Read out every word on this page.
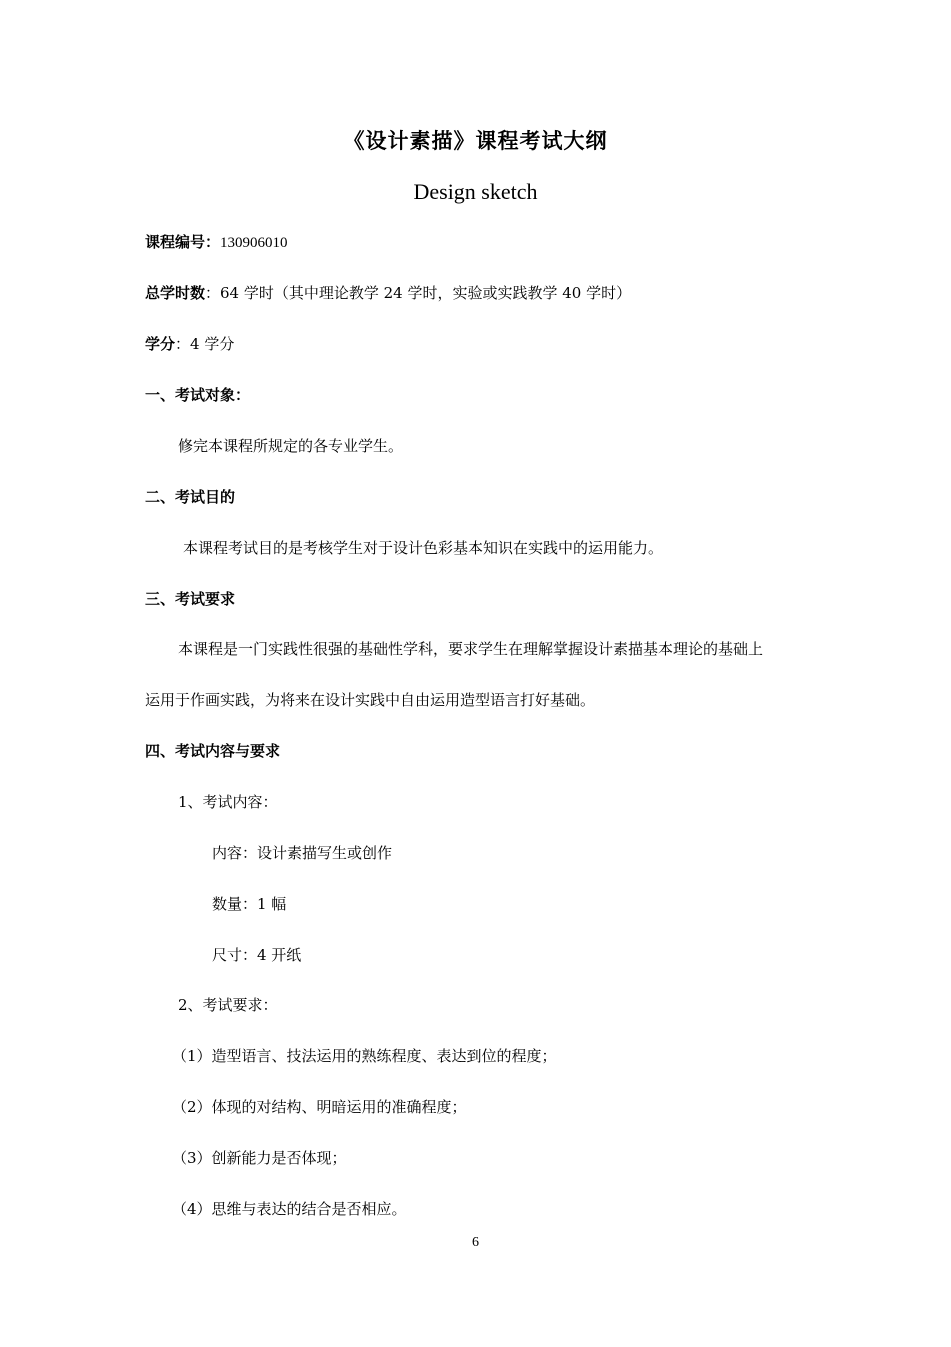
《设计素描》课程考试大纲
Design sketch
课程编号：130906010
总学时数：64 学时（其中理论教学 24 学时，实验或实践教学 40 学时）
学分：4 学分
一、考试对象：
修完本课程所规定的各专业学生。
二、考试目的
本课程考试目的是考核学生对于设计色彩基本知识在实践中的运用能力。
三、考试要求
本课程是一门实践性很强的基础性学科，要求学生在理解掌握设计素描基本理论的基础上
运用于作画实践，为将来在设计实践中自由运用造型语言打好基础。
四、考试内容与要求
1、考试内容：
内容：设计素描写生或创作
数量：1 幅
尺寸：4 开纸
2、考试要求：
（1）造型语言、技法运用的熟练程度、表达到位的程度；
（2）体现的对结构、明暗运用的准确程度；
（3）创新能力是否体现；
（4）思维与表达的结合是否相应。
6
